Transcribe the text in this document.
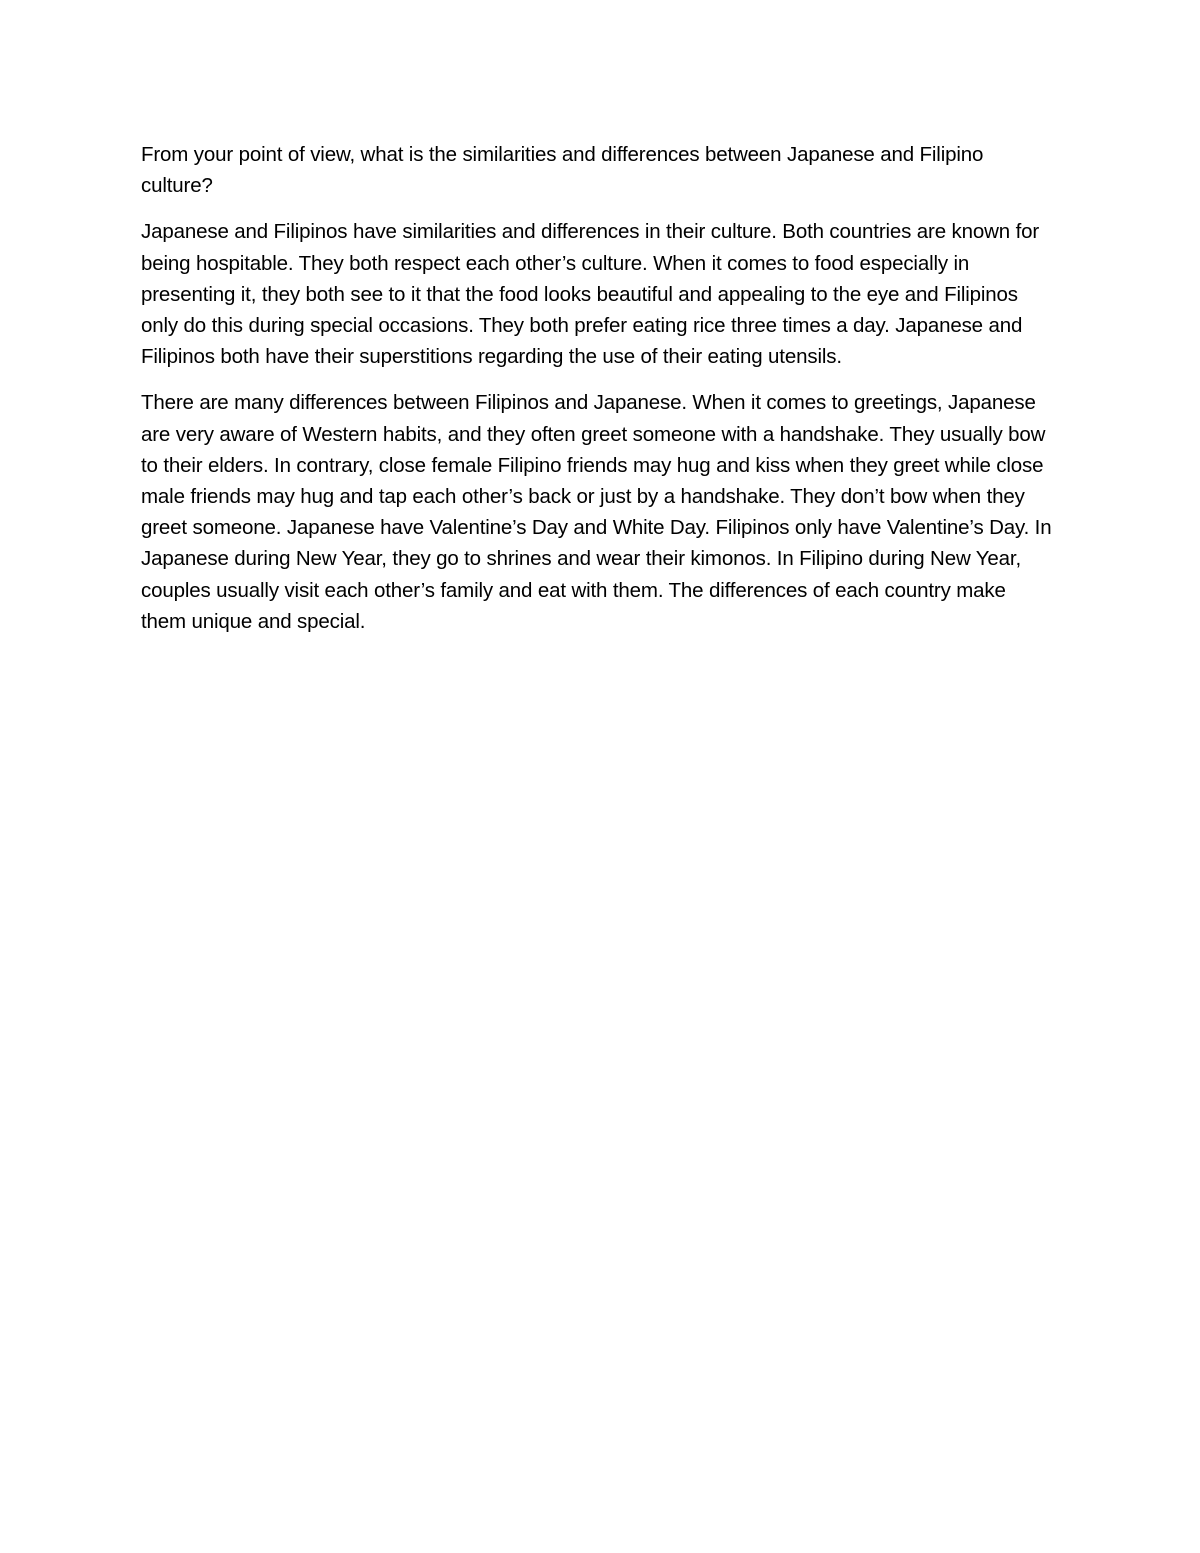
From your point of view, what is the similarities and differences between Japanese and Filipino culture?

Japanese and Filipinos have similarities and differences in their culture. Both countries are known for being hospitable. They both respect each other’s culture. When it comes to food especially in presenting it, they both see to it that the food looks beautiful and appealing to the eye and Filipinos only do this during special occasions. They both prefer eating rice three times a day. Japanese and Filipinos both have their superstitions regarding the use of their eating utensils.

There are many differences between Filipinos and Japanese. When it comes to greetings, Japanese are very aware of Western habits, and they often greet someone with a handshake. They usually bow to their elders. In contrary, close female Filipino friends may hug and kiss when they greet while close male friends may hug and tap each other’s back or just by a handshake. They don’t bow when they greet someone. Japanese have Valentine’s Day and White Day. Filipinos only have Valentine’s Day. In Japanese during New Year, they go to shrines and wear their kimonos. In Filipino during New Year, couples usually visit each other’s family and eat with them. The differences of each country make them unique and special.
